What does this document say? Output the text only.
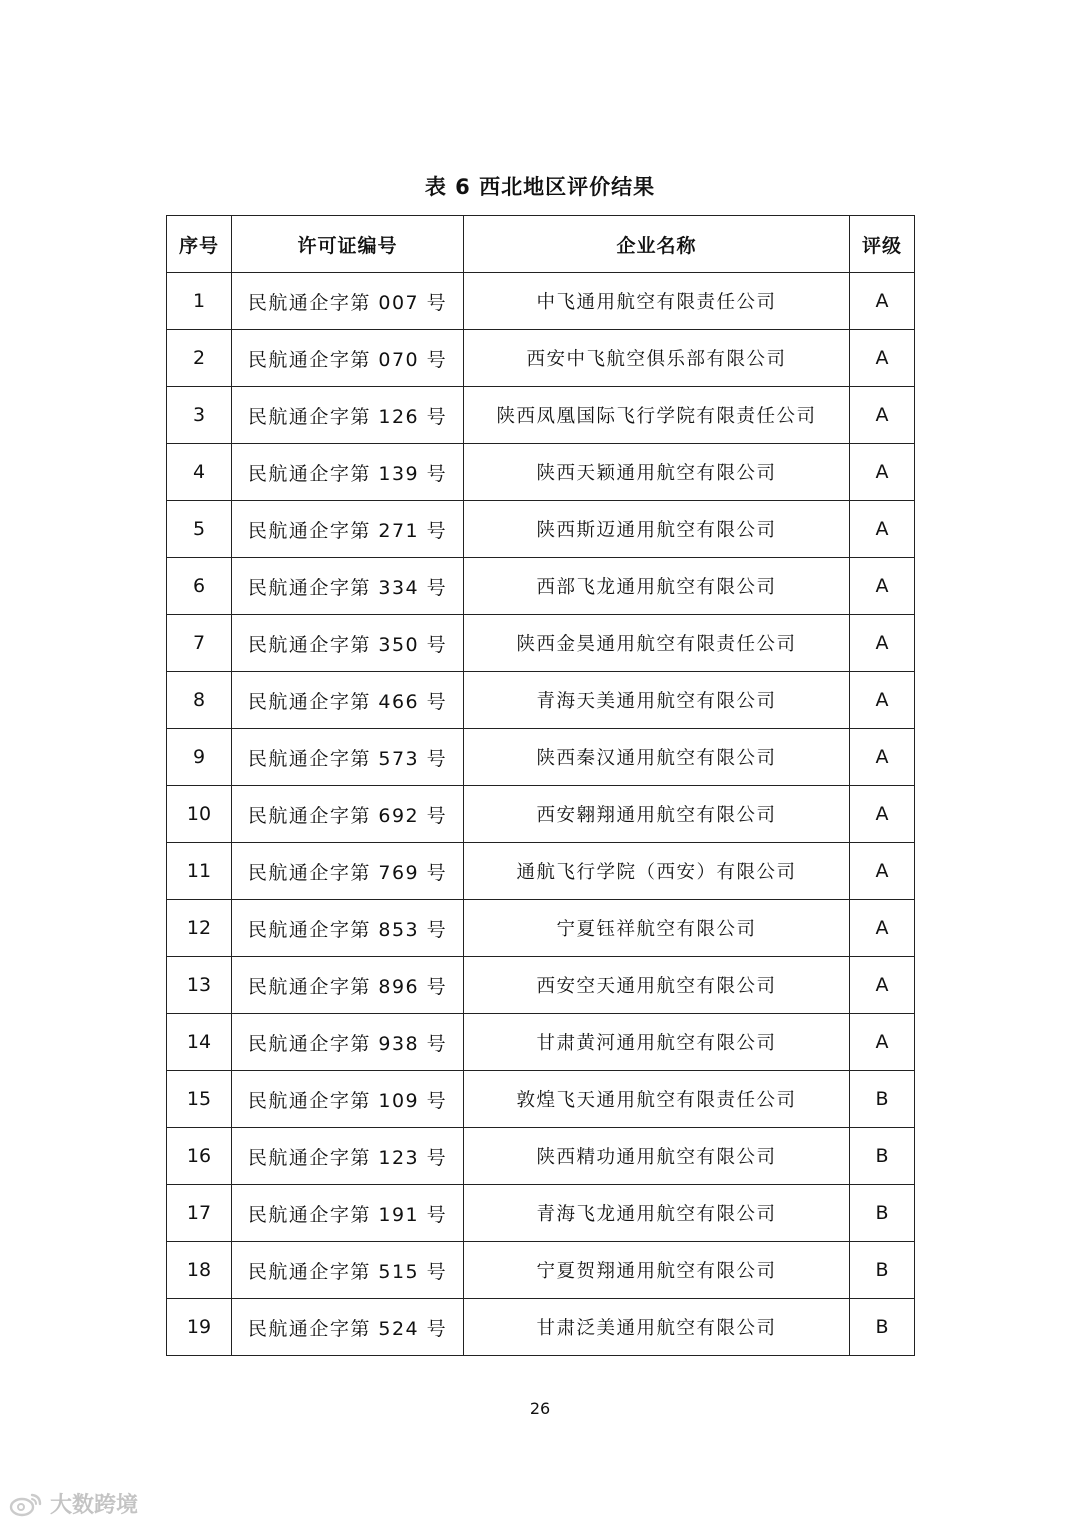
表 6 西北地区评价结果
序号	许可证编号	企业名称	评级
1	民航通企字第 007 号	中飞通用航空有限责任公司	A
2	民航通企字第 070 号	西安中飞航空俱乐部有限公司	A
3	民航通企字第 126 号	陕西凤凰国际飞行学院有限责任公司	A
4	民航通企字第 139 号	陕西天颖通用航空有限公司	A
5	民航通企字第 271 号	陕西斯迈通用航空有限公司	A
6	民航通企字第 334 号	西部飞龙通用航空有限公司	A
7	民航通企字第 350 号	陕西金昊通用航空有限责任公司	A
8	民航通企字第 466 号	青海天美通用航空有限公司	A
9	民航通企字第 573 号	陕西秦汉通用航空有限公司	A
10	民航通企字第 692 号	西安翱翔通用航空有限公司	A
11	民航通企字第 769 号	通航飞行学院（西安）有限公司	A
12	民航通企字第 853 号	宁夏钰祥航空有限公司	A
13	民航通企字第 896 号	西安空天通用航空有限公司	A
14	民航通企字第 938 号	甘肃黄河通用航空有限公司	A
15	民航通企字第 109 号	敦煌飞天通用航空有限责任公司	B
16	民航通企字第 123 号	陕西精功通用航空有限公司	B
17	民航通企字第 191 号	青海飞龙通用航空有限公司	B
18	民航通企字第 515 号	宁夏贺翔通用航空有限公司	B
19	民航通企字第 524 号	甘肃泛美通用航空有限公司	B
26
大数跨境
